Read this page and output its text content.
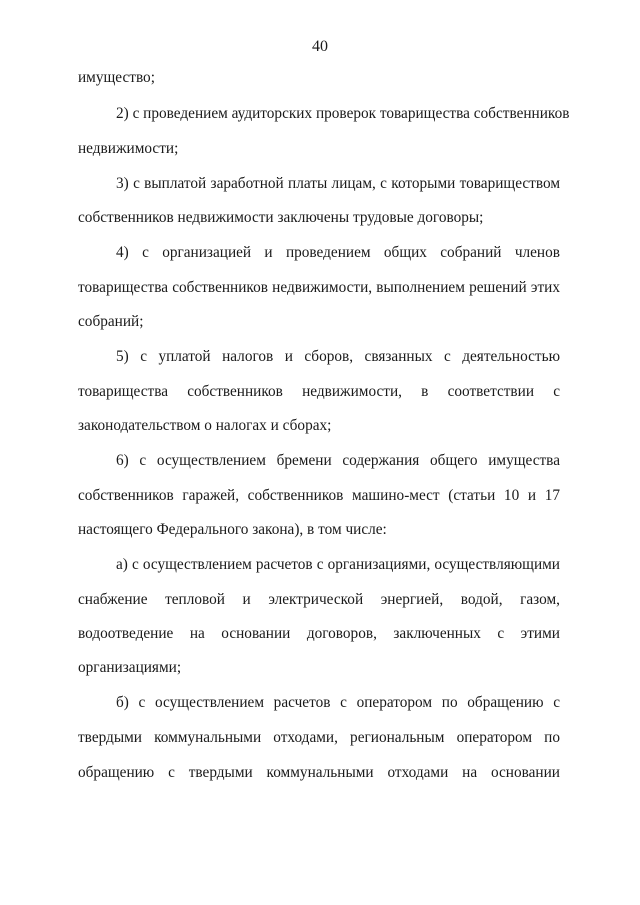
40
имущество;
2) с проведением аудиторских проверок товарищества собственников
недвижимости;
3) с выплатой заработной платы лицам, с которыми товариществом
собственников недвижимости заключены трудовые договоры;
4) с организацией и проведением общих собраний членов
товарищества собственников недвижимости, выполнением решений этих
собраний;
5) с уплатой налогов и сборов, связанных с деятельностью
товарищества собственников недвижимости, в соответствии с
законодательством о налогах и сборах;
6) с осуществлением бремени содержания общего имущества
собственников гаражей, собственников машино-мест (статьи 10 и 17
настоящего Федерального закона), в том числе:
а) с осуществлением расчетов с организациями, осуществляющими
снабжение тепловой и электрической энергией, водой, газом,
водоотведение на основании договоров, заключенных с этими
организациями;
б) с осуществлением расчетов с оператором по обращению с
твердыми коммунальными отходами, региональным оператором по
обращению с твердыми коммунальными отходами на основании
